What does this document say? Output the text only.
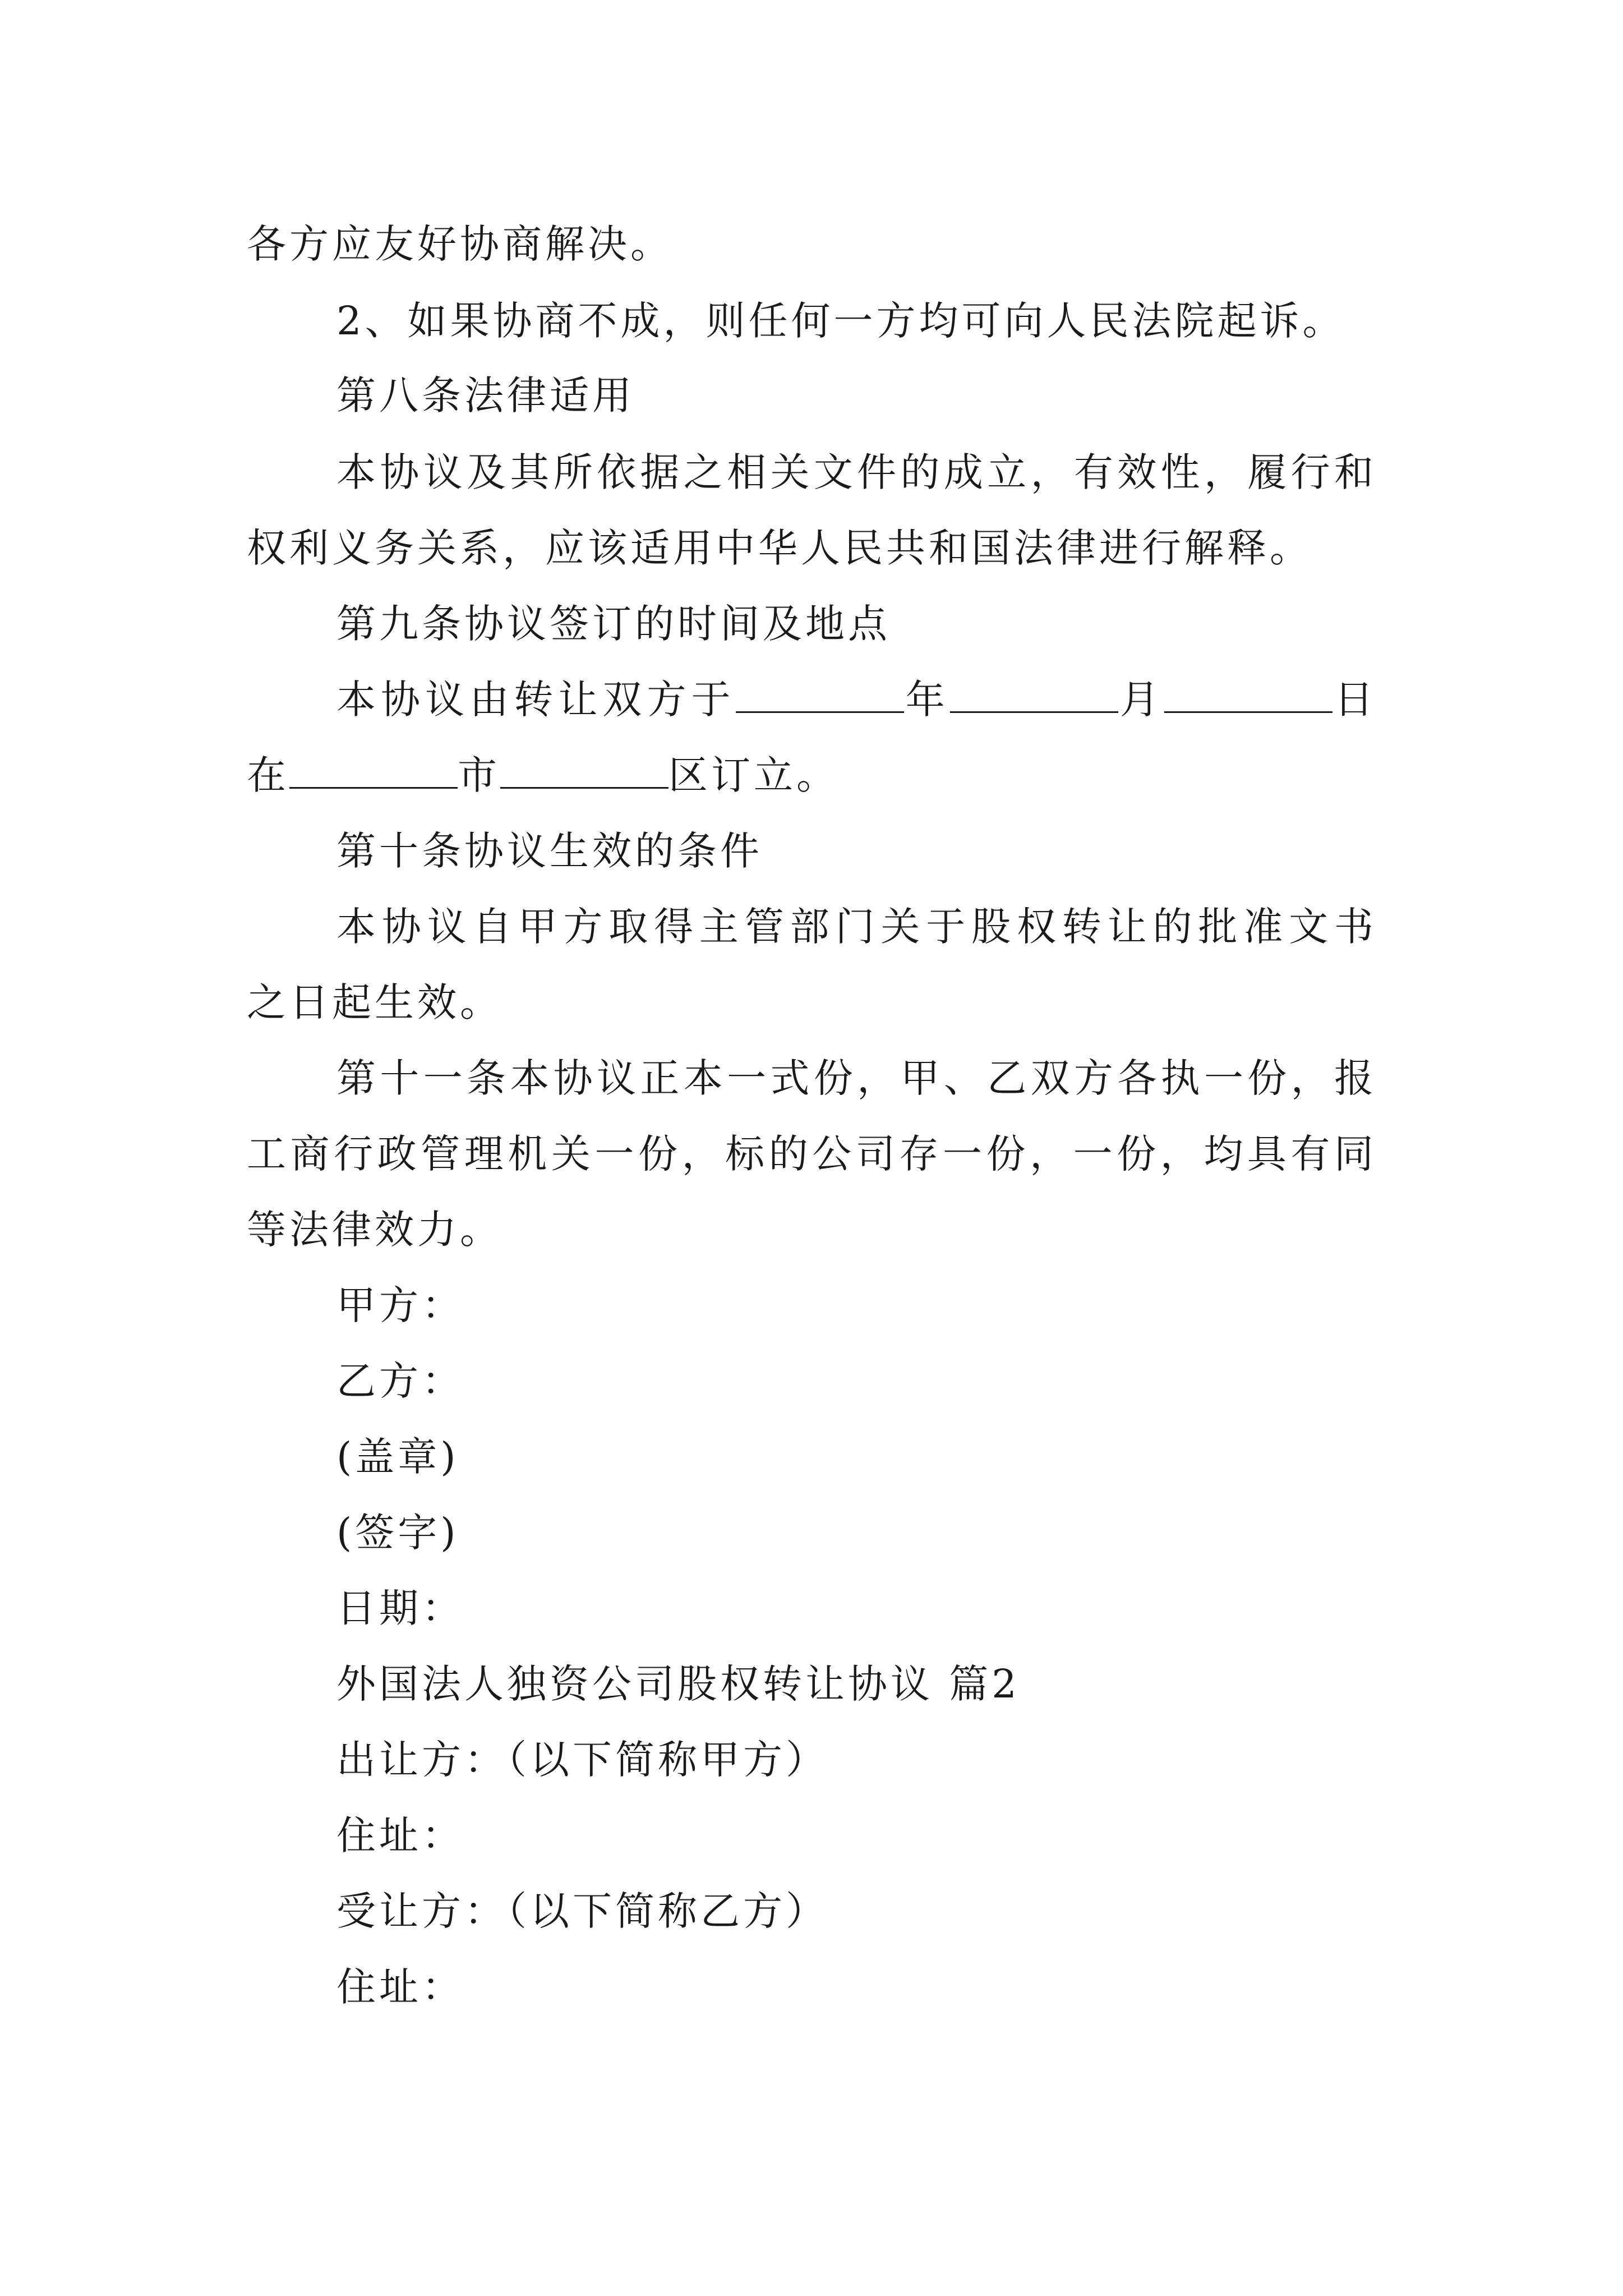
各方应友好协商解决。
2、如果协商不成，则任何一方均可向人民法院起诉。
第八条法律适用
本协议及其所依据之相关文件的成立，有效性，履行和
权利义务关系，应该适用中华人民共和国法律进行解释。
第九条协议签订的时间及地点
本协议由转让双方于	年	月	日
在	市	区订立。
第十条协议生效的条件
本协议自甲方取得主管部门关于股权转让的批准文书
之日起生效。
第十一条本协议正本一式份，甲、乙双方各执一份，报
工商行政管理机关一份，标的公司存一份，一份，均具有同
等法律效力。
甲方：
乙方：
(盖章)
(签字)
日期：
外国法人独资公司股权转让协议 篇2
出让方：（以下简称甲方）
住址：
受让方：（以下简称乙方）
住址：
